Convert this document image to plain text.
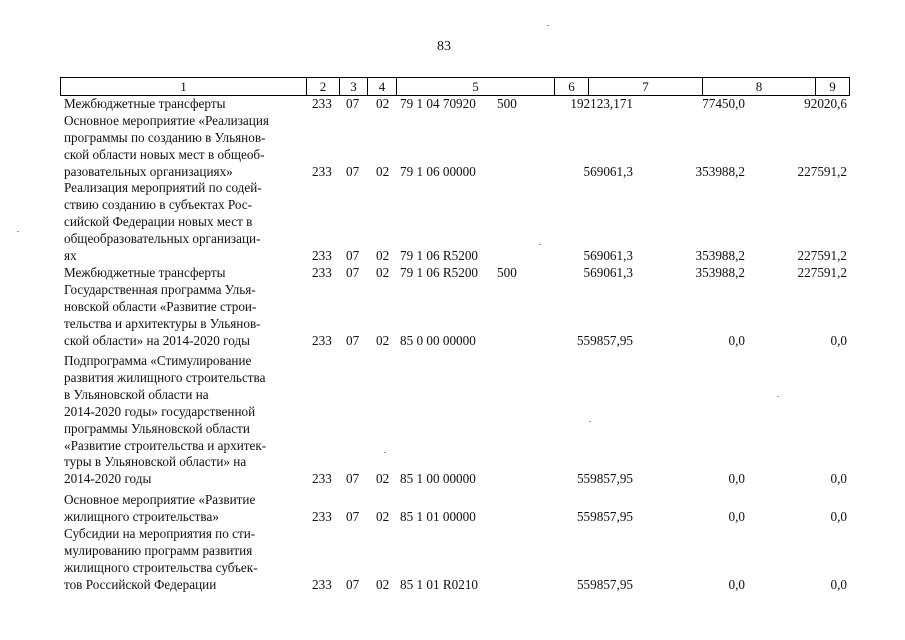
83
1	2	3	4	5	6	7	8	9
Межбюджетные трансферты	233 07 02 79 1 04 70920 500	192123,171	77450,0	92020,6
Основное мероприятие «Реализация
программы по созданию в Ульянов-
ской области новых мест в общеоб-
разовательных организациях»	233 07 02 79 1 06 00000	569061,3	353988,2	227591,2
Реализация мероприятий по содей-
ствию созданию в субъектах Рос-
сийской Федерации новых мест в
общеобразовательных организаци-
ях	233 07 02 79 1 06 R5200	569061,3	353988,2	227591,2
Межбюджетные трансферты	233 07 02 79 1 06 R5200 500	569061,3	353988,2	227591,2
Государственная программа Улья-
новской области «Развитие строи-
тельства и архитектуры в Ульянов-
ской области» на 2014-2020 годы	233 07 02 85 0 00 00000	559857,95	0,0	0,0
Подпрограмма «Стимулирование
развития жилищного строительства
в Ульяновской области на
2014-2020 годы» государственной
программы Ульяновской области
«Развитие строительства и архитек-
туры в Ульяновской области» на
2014-2020 годы	233 07 02 85 1 00 00000	559857,95	0,0	0,0
Основное мероприятие «Развитие
жилищного строительства»	233 07 02 85 1 01 00000	559857,95	0,0	0,0
Субсидии на мероприятия по сти-
мулированию программ развития
жилищного строительства субъек-
тов Российской Федерации	233 07 02 85 1 01 R0210	559857,95	0,0	0,0
